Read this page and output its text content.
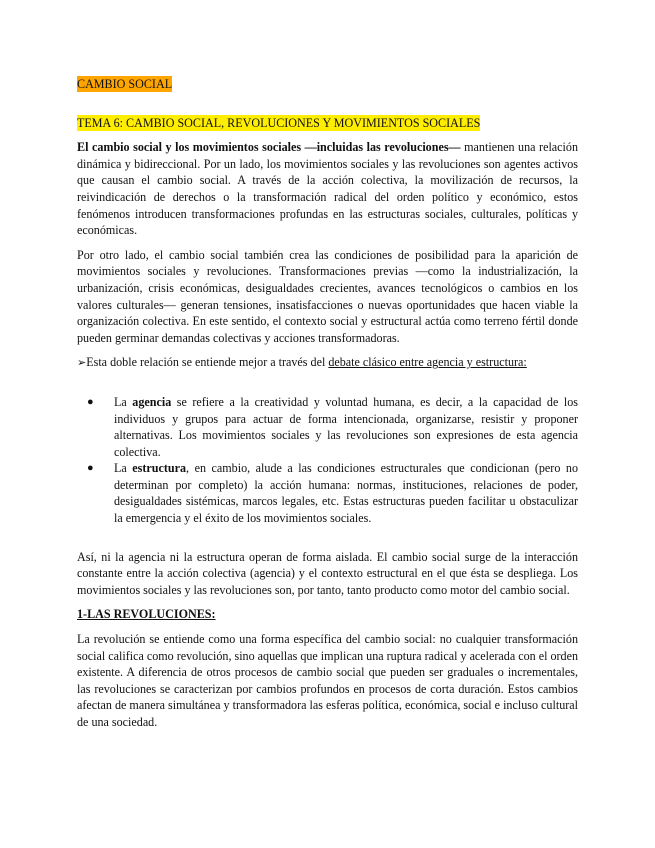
CAMBIO SOCIAL

TEMA 6: CAMBIO SOCIAL, REVOLUCIONES Y MOVIMIENTOS SOCIALES

El cambio social y los movimientos sociales —incluidas las revoluciones— mantienen una relación dinámica y bidireccional. Por un lado, los movimientos sociales y las revoluciones son agentes activos que causan el cambio social. A través de la acción colectiva, la movilización de recursos, la reivindicación de derechos o la transformación radical del orden político y económico, estos fenómenos introducen transformaciones profundas en las estructuras sociales, culturales, políticas y económicas.

Por otro lado, el cambio social también crea las condiciones de posibilidad para la aparición de movimientos sociales y revoluciones. Transformaciones previas —como la industrialización, la urbanización, crisis económicas, desigualdades crecientes, avances tecnológicos o cambios en los valores culturales— generan tensiones, insatisfacciones o nuevas oportunidades que hacen viable la organización colectiva. En este sentido, el contexto social y estructural actúa como terreno fértil donde pueden germinar demandas colectivas y acciones transformadoras.

➢Esta doble relación se entiende mejor a través del debate clásico entre agencia y estructura:

● La agencia se refiere a la creatividad y voluntad humana, es decir, a la capacidad de los individuos y grupos para actuar de forma intencionada, organizarse, resistir y proponer alternativas. Los movimientos sociales y las revoluciones son expresiones de esta agencia colectiva.
● La estructura, en cambio, alude a las condiciones estructurales que condicionan (pero no determinan por completo) la acción humana: normas, instituciones, relaciones de poder, desigualdades sistémicas, marcos legales, etc. Estas estructuras pueden facilitar u obstaculizar la emergencia y el éxito de los movimientos sociales.

Así, ni la agencia ni la estructura operan de forma aislada. El cambio social surge de la interacción constante entre la acción colectiva (agencia) y el contexto estructural en el que ésta se despliega. Los movimientos sociales y las revoluciones son, por tanto, tanto producto como motor del cambio social.

1-LAS REVOLUCIONES:

La revolución se entiende como una forma específica del cambio social: no cualquier transformación social califica como revolución, sino aquellas que implican una ruptura radical y acelerada con el orden existente. A diferencia de otros procesos de cambio social que pueden ser graduales o incrementales, las revoluciones se caracterizan por cambios profundos en procesos de corta duración. Estos cambios afectan de manera simultánea y transformadora las esferas política, económica, social e incluso cultural de una sociedad.
